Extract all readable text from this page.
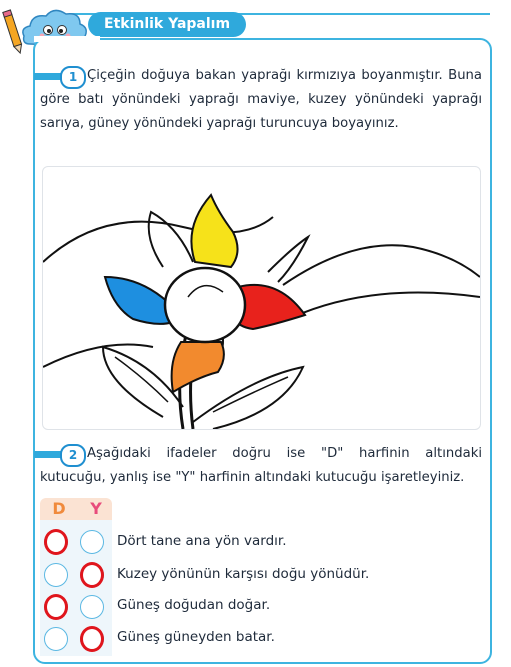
Etkinlik Yapalım
1 Çiçeğin doğuya bakan yaprağı kırmızıya boyanmıştır. Buna göre batı yönündeki yaprağı maviye, kuzey yönündeki yaprağı sarıya, güney yönündeki yaprağı turuncuya boyayınız.
2 Aşağıdaki ifadeler doğru ise "D" harfinin altındaki kutucuğu, yanlış ise "Y" harfinin altındaki kutucuğu işaretleyiniz.
D Y
Dört tane ana yön vardır.
Kuzey yönünün karşısı doğu yönüdür.
Güneş doğudan doğar.
Güneş güneyden batar.
